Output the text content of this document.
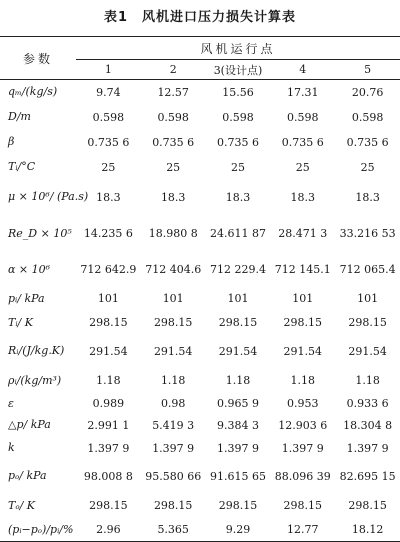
表1 风机进口压力损失计算表
参数	风机运行点				
	1	2	3(设计点)	4	5
qₘ/(kg/s)	9.74	12.57	15.56	17.31	20.76
D/m	0.598	0.598	0.598	0.598	0.598
β	0.735 6	0.735 6	0.735 6	0.735 6	0.735 6
Tᵢ/°C	25	25	25	25	25
μ × 10⁶/ (Pa.s)	18.3	18.3	18.3	18.3	18.3
Re_D × 10⁵	14.235 6	18.980 8	24.611 87	28.471 3	33.216 53
α × 10⁶	712 642.9	712 404.6	712 229.4	712 145.1	712 065.4
pᵢ/ kPa	101	101	101	101	101
Tᵢ/ K	298.15	298.15	298.15	298.15	298.15
Rᵢ/(J/kg.K)	291.54	291.54	291.54	291.54	291.54
ρᵢ/(kg/m³)	1.18	1.18	1.18	1.18	1.18
ε	0.989	0.98	0.965 9	0.953	0.933 6
△p/ kPa	2.991 1	5.419 3	9.384 3	12.903 6	18.304 8
k	1.397 9	1.397 9	1.397 9	1.397 9	1.397 9
pₒ/ kPa	98.008 8	95.580 66	91.615 65	88.096 39	82.695 15
Tₒ/ K	298.15	298.15	298.15	298.15	298.15
(pᵢ−pₒ)/pᵢ/%	2.96	5.365	9.29	12.77	18.12
